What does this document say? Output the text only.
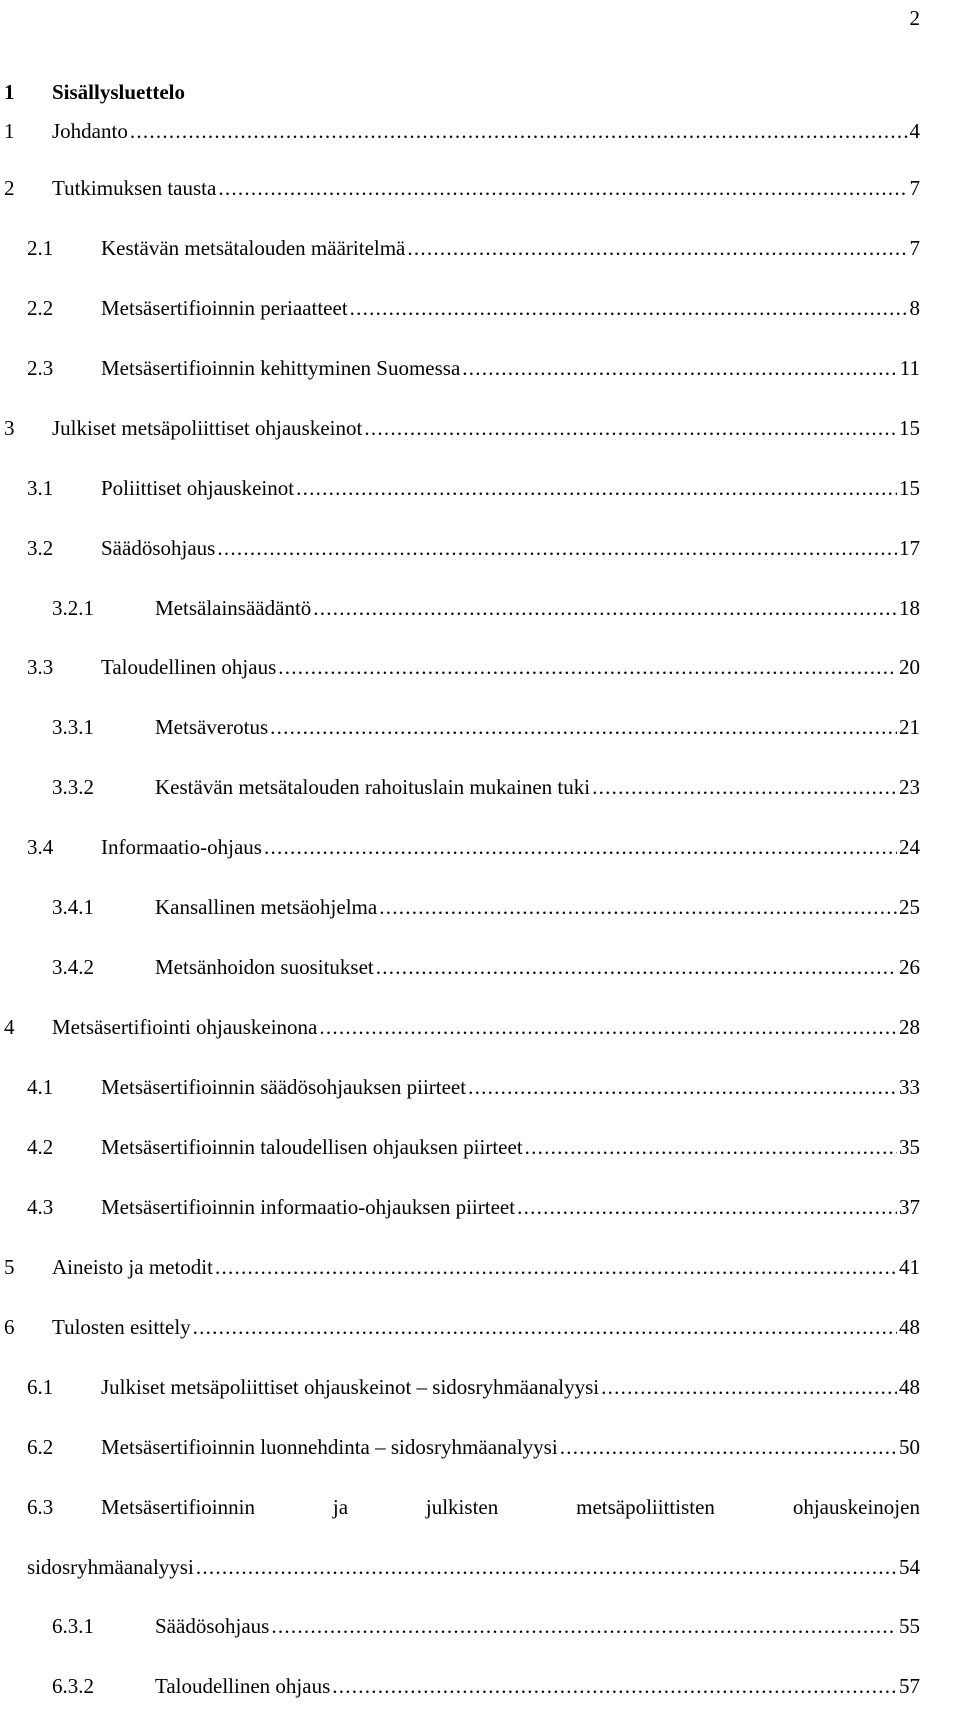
2
1 Sisällysluettelo
1 Johdanto . . .	4
2 Tutkimuksen tausta . . .	7
2.1 Kestävän metsätalouden määritelmä . . .	7
2.2 Metsäsertifioinnin periaatteet . . .	8
2.3 Metsäsertifioinnin kehittyminen Suomessa . . .	11
3 Julkiset metsäpoliittiset ohjauskeinot . . .	15
3.1 Poliittiset ohjauskeinot . . .	15
3.2 Säädösohjaus . . .	17
3.2.1	Metsälainsäädäntö . . .	18
3.3 Taloudellinen ohjaus . . .	20
3.3.1	Metsäverotus . . .	21
3.3.2	Kestävän metsätalouden rahoituslain mukainen tuki . . .	23
3.4 Informaatio-ohjaus . . .	24
3.4.1	Kansallinen metsäohjelma . . .	25
3.4.2	Metsänhoidon suositukset . . .	26
4 Metsäsertifiointi ohjauskeinona . . .	28
4.1 Metsäsertifioinnin säädösohjauksen piirteet . . .	33
4.2 Metsäsertifioinnin taloudellisen ohjauksen piirteet . . .	35
4.3 Metsäsertifioinnin informaatio-ohjauksen piirteet . . .	37
5 Aineisto ja metodit . . .	41
6 Tulosten esittely . . .	48
6.1 Julkiset metsäpoliittiset ohjauskeinot – sidosryhmäanalyysi . . .	48
6.2 Metsäsertifioinnin luonnehdinta – sidosryhmäanalyysi . . .	50
6.3 Metsäsertifioinnin	ja	julkisten	metsäpoliittisten	ohjauskeinojen
sidosryhmäanalyysi . . .	54
6.3.1	Säädösohjaus . . .	55
6.3.2	Taloudellinen ohjaus . . .	57
